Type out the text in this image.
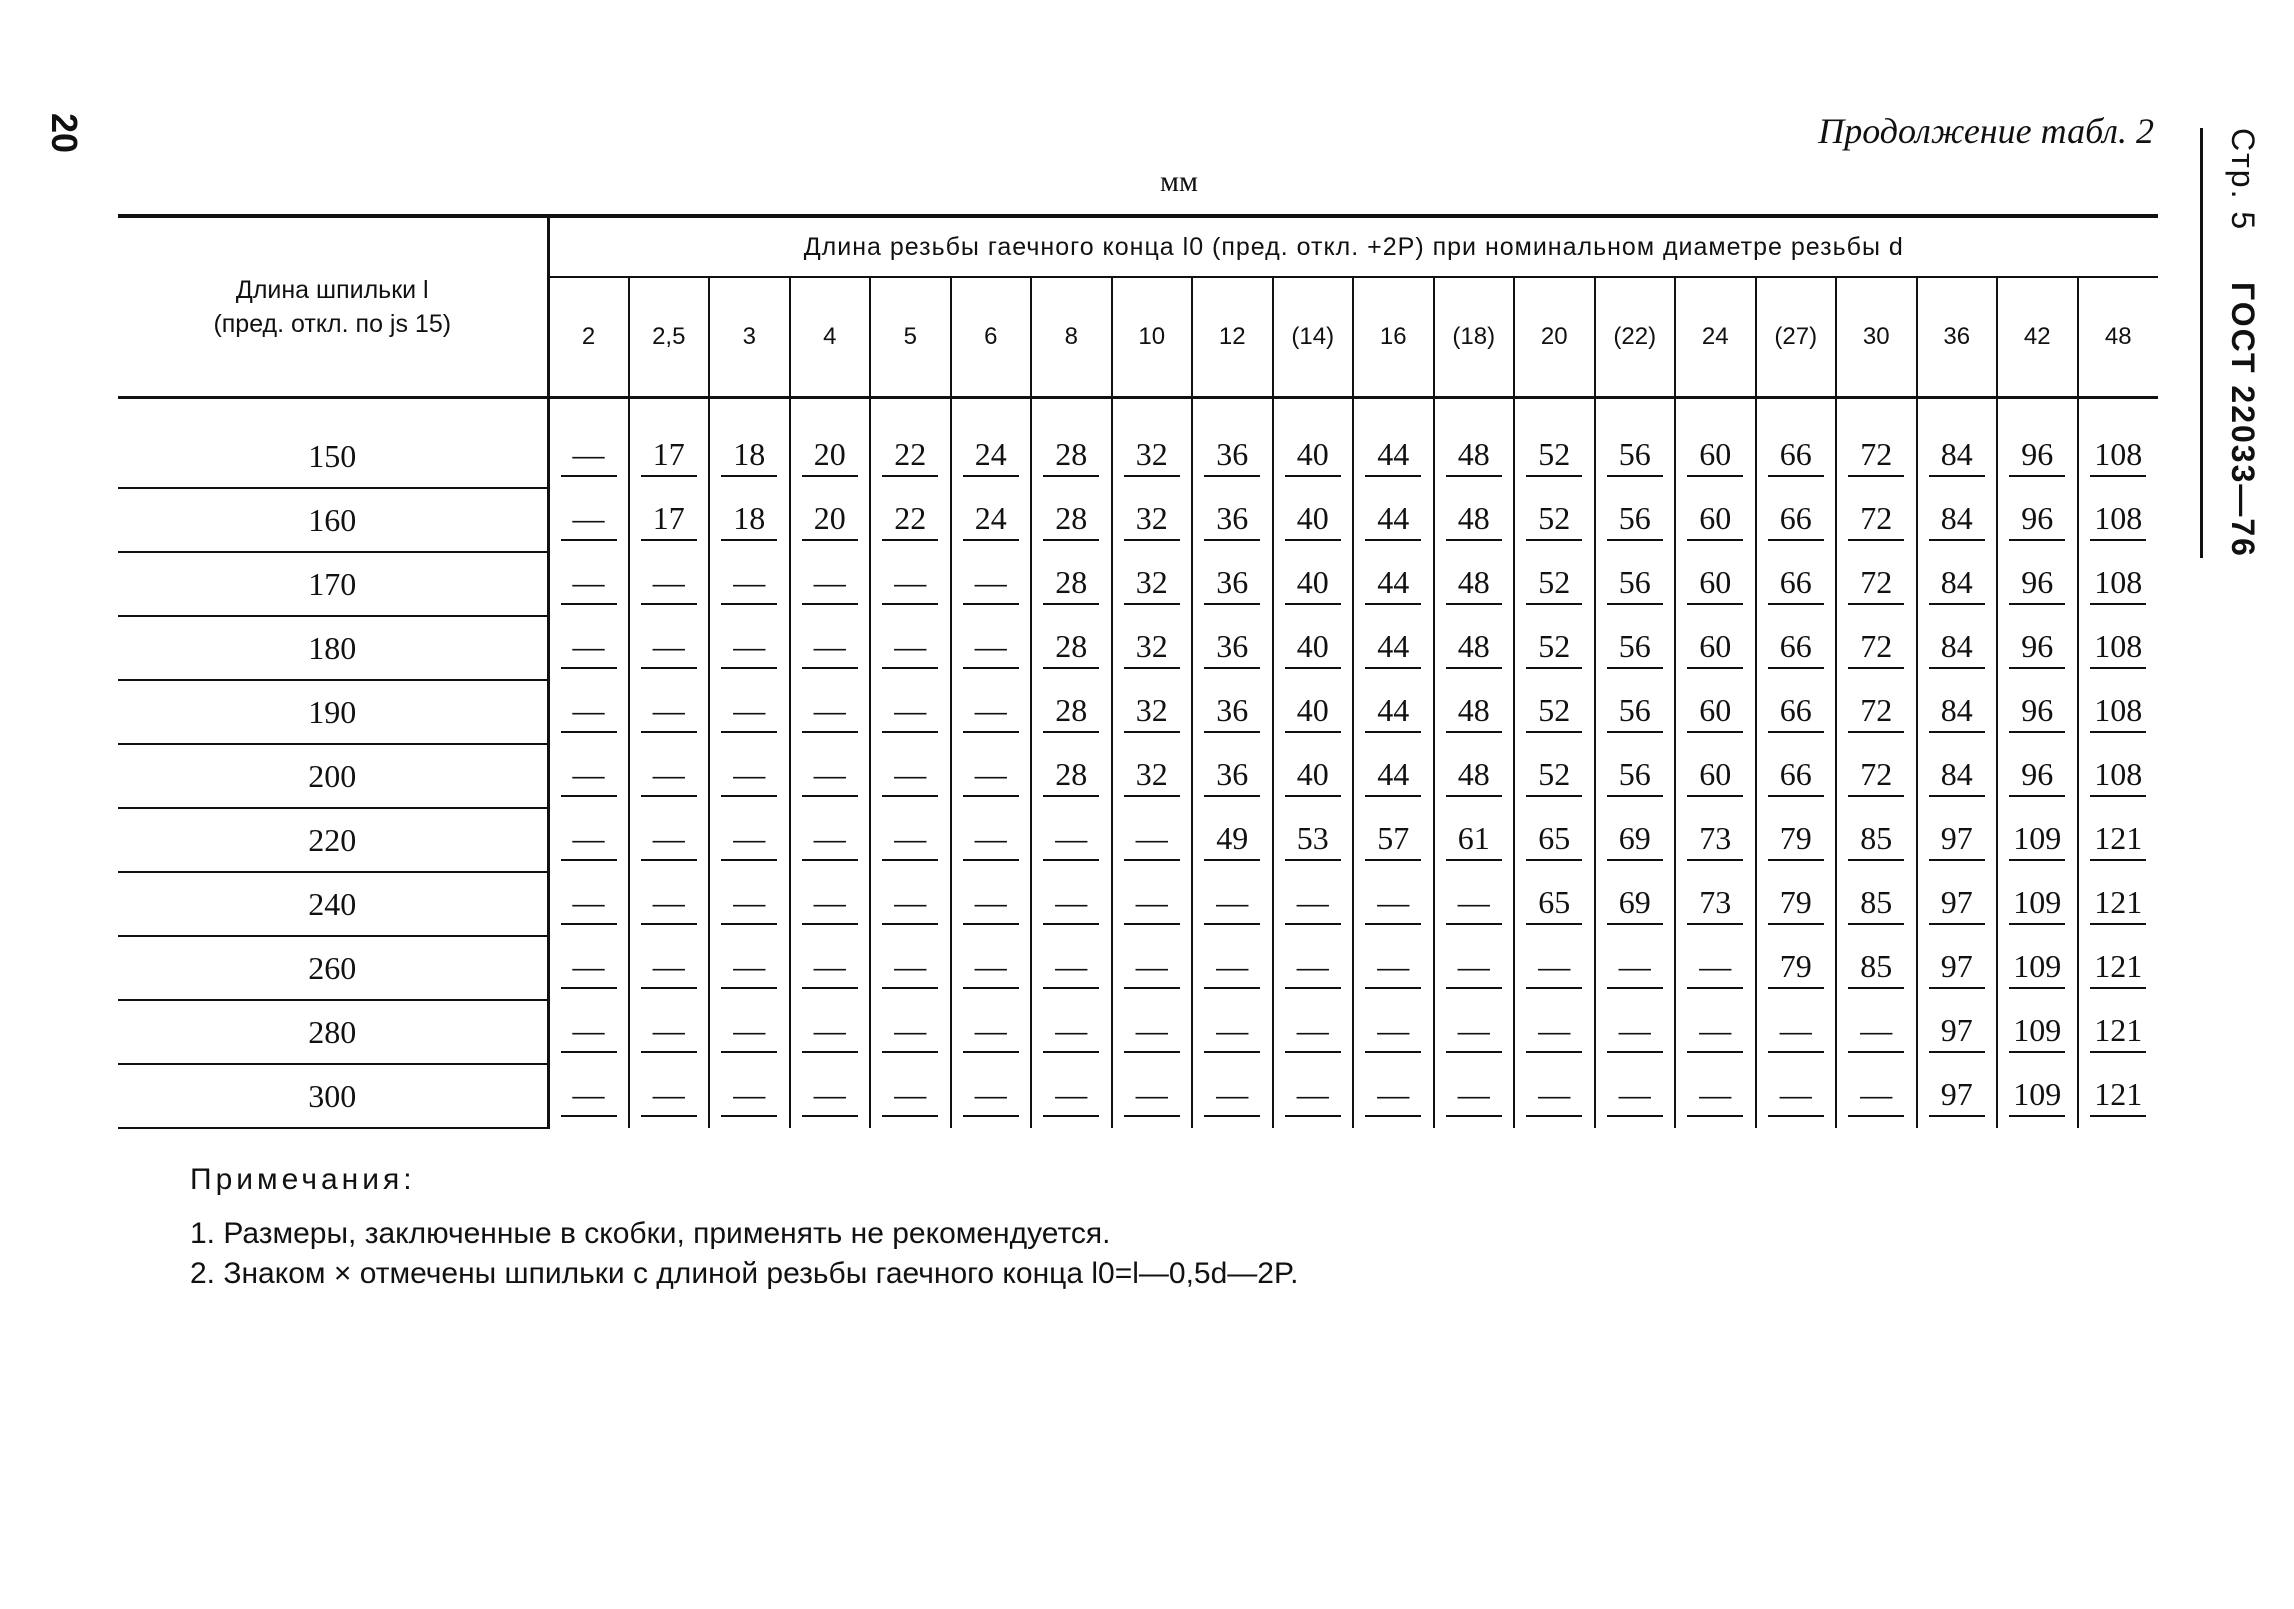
20	Продолжение табл. 2
мм	Стр. 5 ГОСТ 22033—76
Длина шпильки l
(пред. откл. по js 15)	Длина резьбы гаечного конца l0 (пред. откл. +2P) при номинальном диаметре резьбы d																			
	2	2,5	3	4	5	6	8	10	12	(14)	16	(18)	20	(22)	24	(27)	30	36	42	48

150	—	17	18	20	22	24	28	32	36	40	44	48	52	56	60	66	72	84	96	108
160	—	17	18	20	22	24	28	32	36	40	44	48	52	56	60	66	72	84	96	108
170	—	—	—	—	—	—	28	32	36	40	44	48	52	56	60	66	72	84	96	108
180	—	—	—	—	—	—	28	32	36	40	44	48	52	56	60	66	72	84	96	108
190	—	—	—	—	—	—	28	32	36	40	44	48	52	56	60	66	72	84	96	108
200	—	—	—	—	—	—	28	32	36	40	44	48	52	56	60	66	72	84	96	108
220	—	—	—	—	—	—	—	—	49	53	57	61	65	69	73	79	85	97	109	121
240	—	—	—	—	—	—	—	—	—	—	—	—	65	69	73	79	85	97	109	121
260	—	—	—	—	—	—	—	—	—	—	—	—	—	—	—	79	85	97	109	121
280	—	—	—	—	—	—	—	—	—	—	—	—	—	—	—	—	—	97	109	121
300	—	—	—	—	—	—	—	—	—	—	—	—	—	—	—	—	—	97	109	121
Примечания:

1. Размеры, заключенные в скобки, применять не рекомендуется.

2. Знаком × отмечены шпильки с длиной резьбы гаечного конца l0=l—0,5d—2P.
